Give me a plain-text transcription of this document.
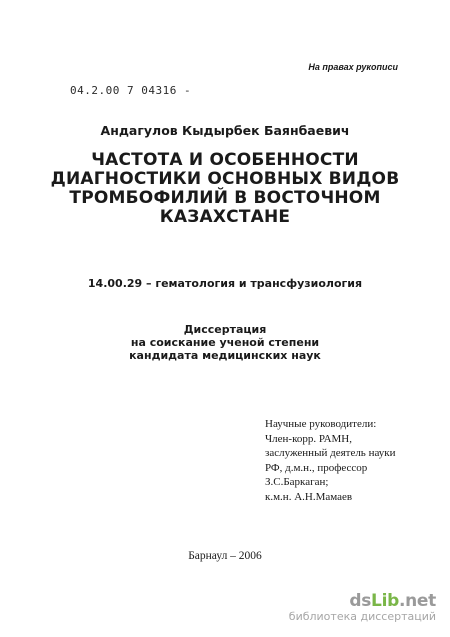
На правах рукописи
04.2.00 7 04316 -
Андагулов Кыдырбек Баянбаевич
ЧАСТОТА И ОСОБЕННОСТИ
ДИАГНОСТИКИ ОСНОВНЫХ ВИДОВ
ТРОМБОФИЛИЙ В ВОСТОЧНОМ
КАЗАХСТАНЕ
14.00.29 – гематология и трансфузиология
Диссертация
на соискание ученой степени
кандидата медицинских наук
Научные руководители:
Член-корр. РАМН,
заслуженный деятель науки
РФ, д.м.н., профессор
З.С.Баркаган;
к.м.н. А.Н.Мамаев
Барнаул – 2006
ds Lib .net
библиотека диссертаций
